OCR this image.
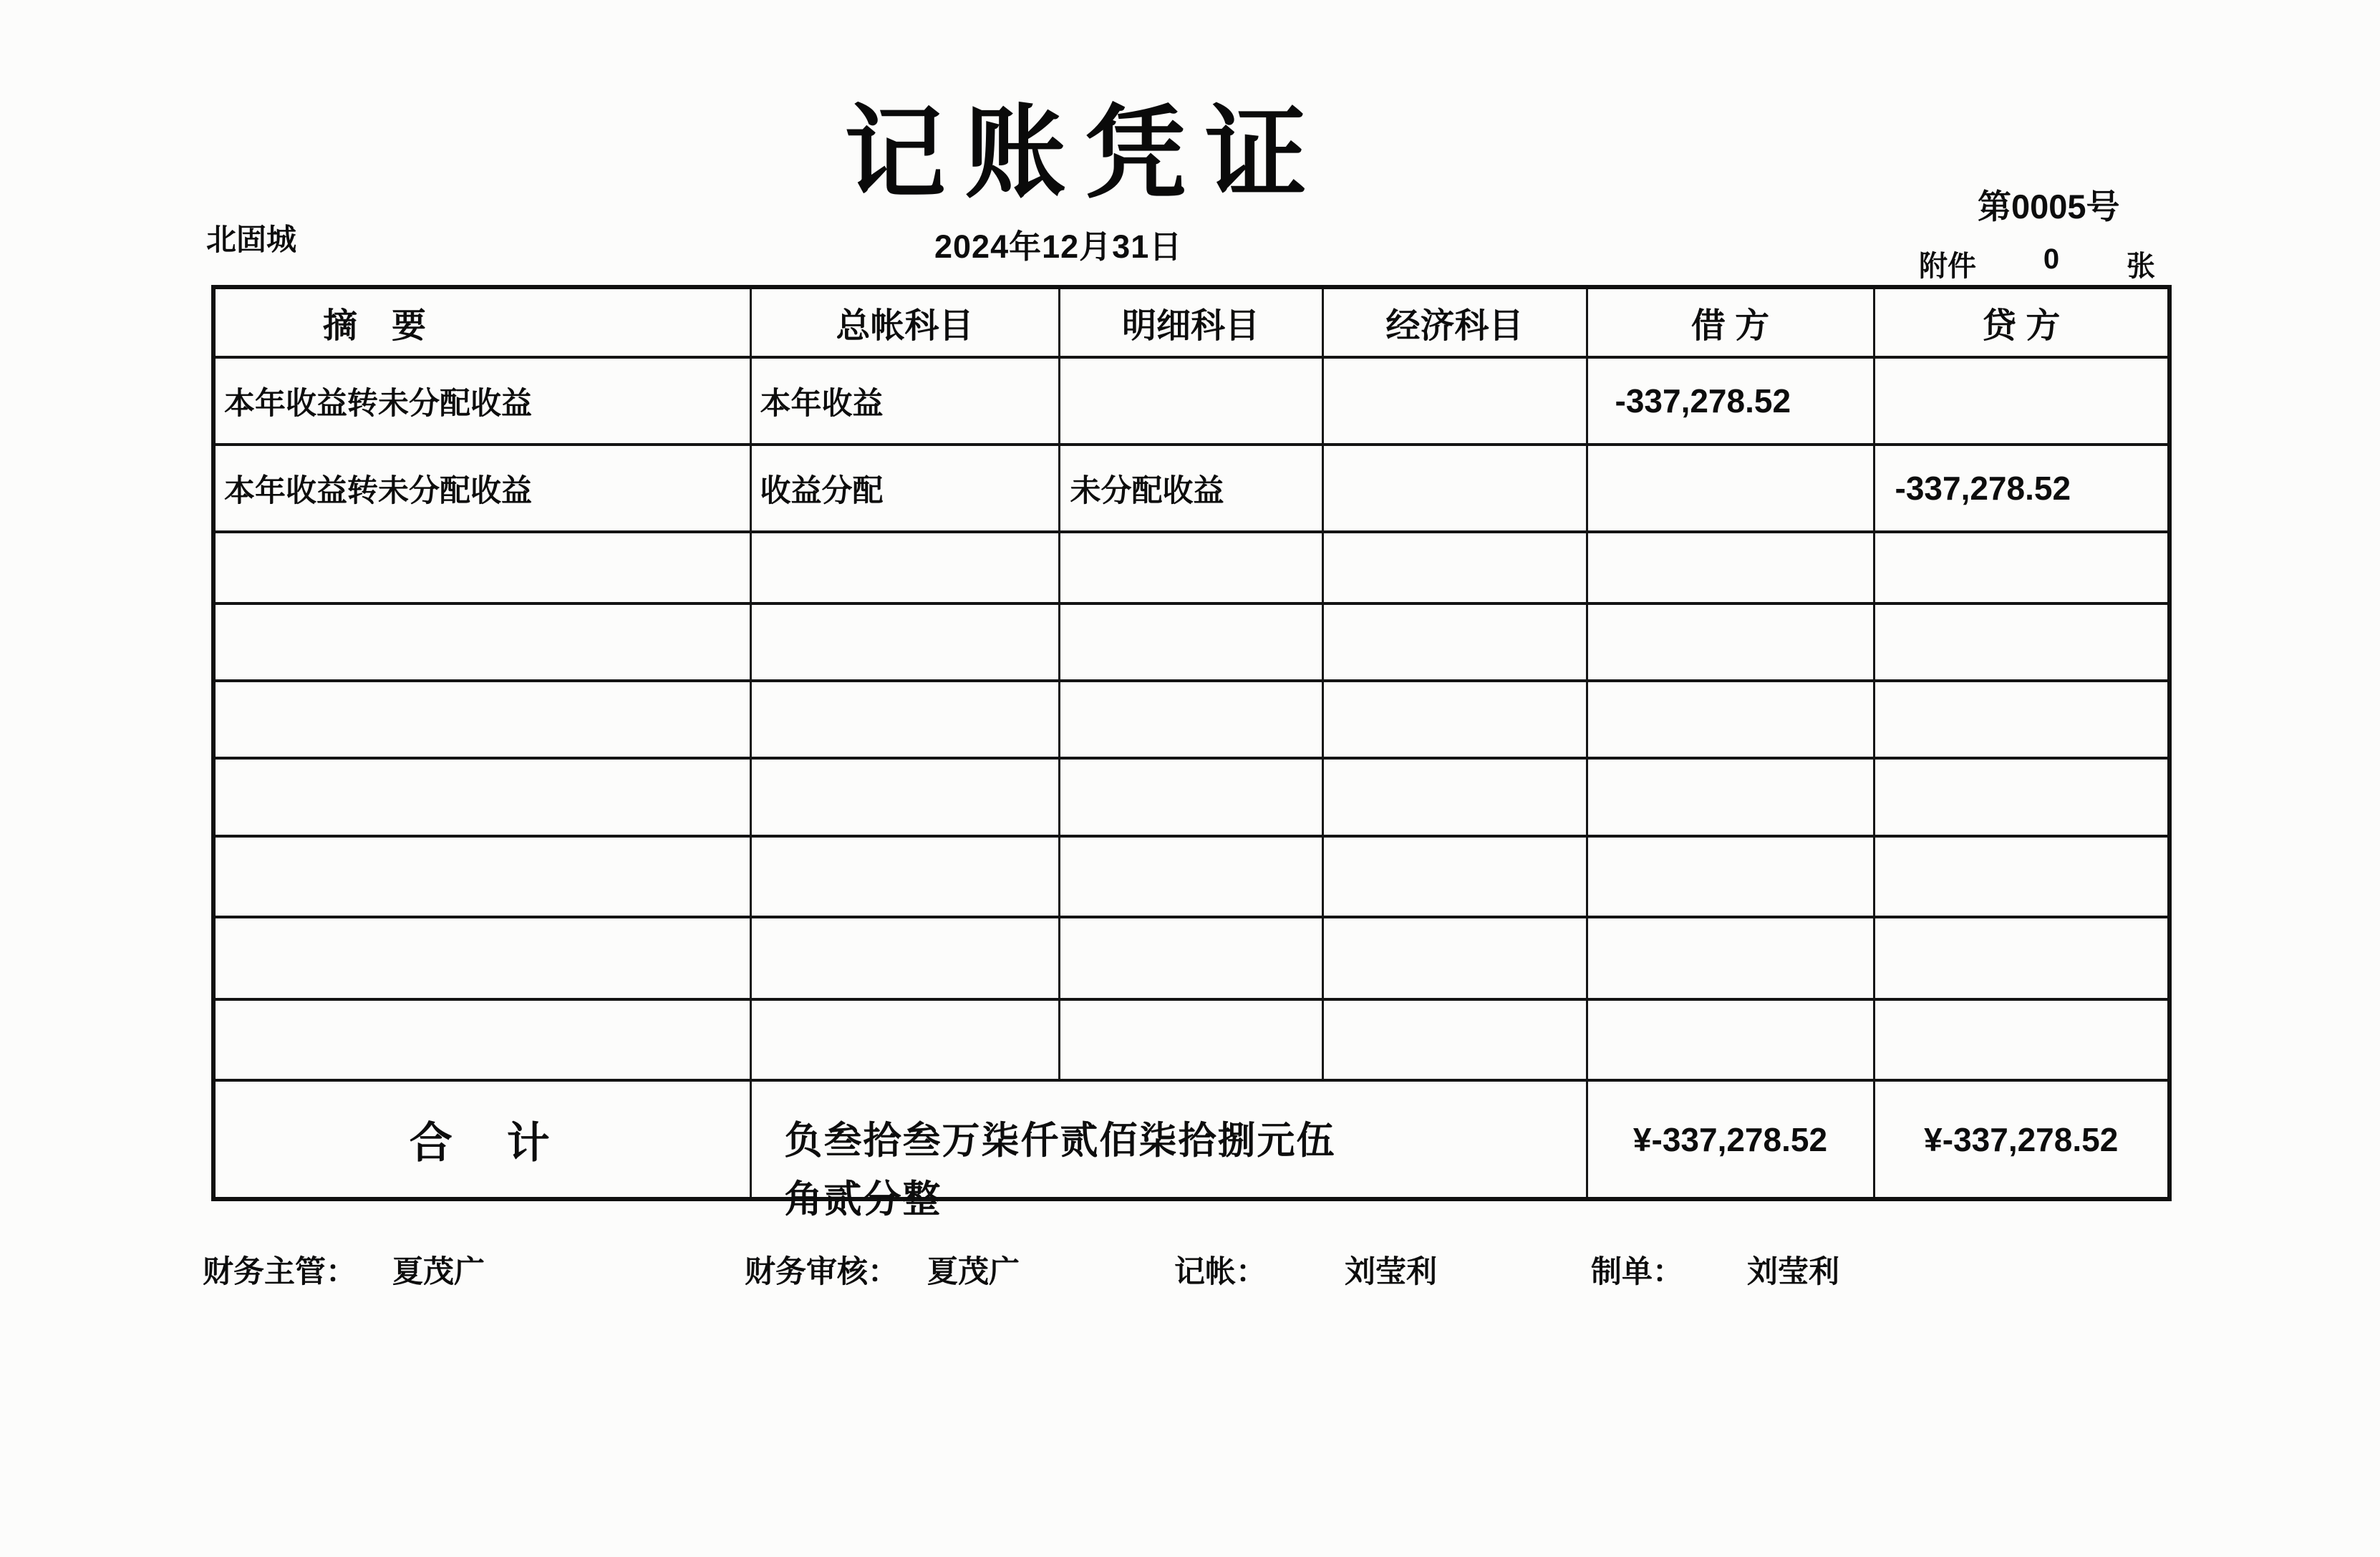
记账凭证	第0005号
北固城	2024年12月31日
附件 0 张
摘　要	总帐科目	明细科目	经济科目	借 方	贷 方
本年收益转未分配收益	本年收益			-337,278.52	
本年收益转未分配收益	收益分配	未分配收益			-337,278.52

合　计	负叁拾叁万柒仟贰佰柒拾捌元伍角贰分整			¥-337,278.52	¥-337,278.52
财务主管： 夏茂广	财务审核： 夏茂广	记帐：	刘莹利	制单： 刘莹利
